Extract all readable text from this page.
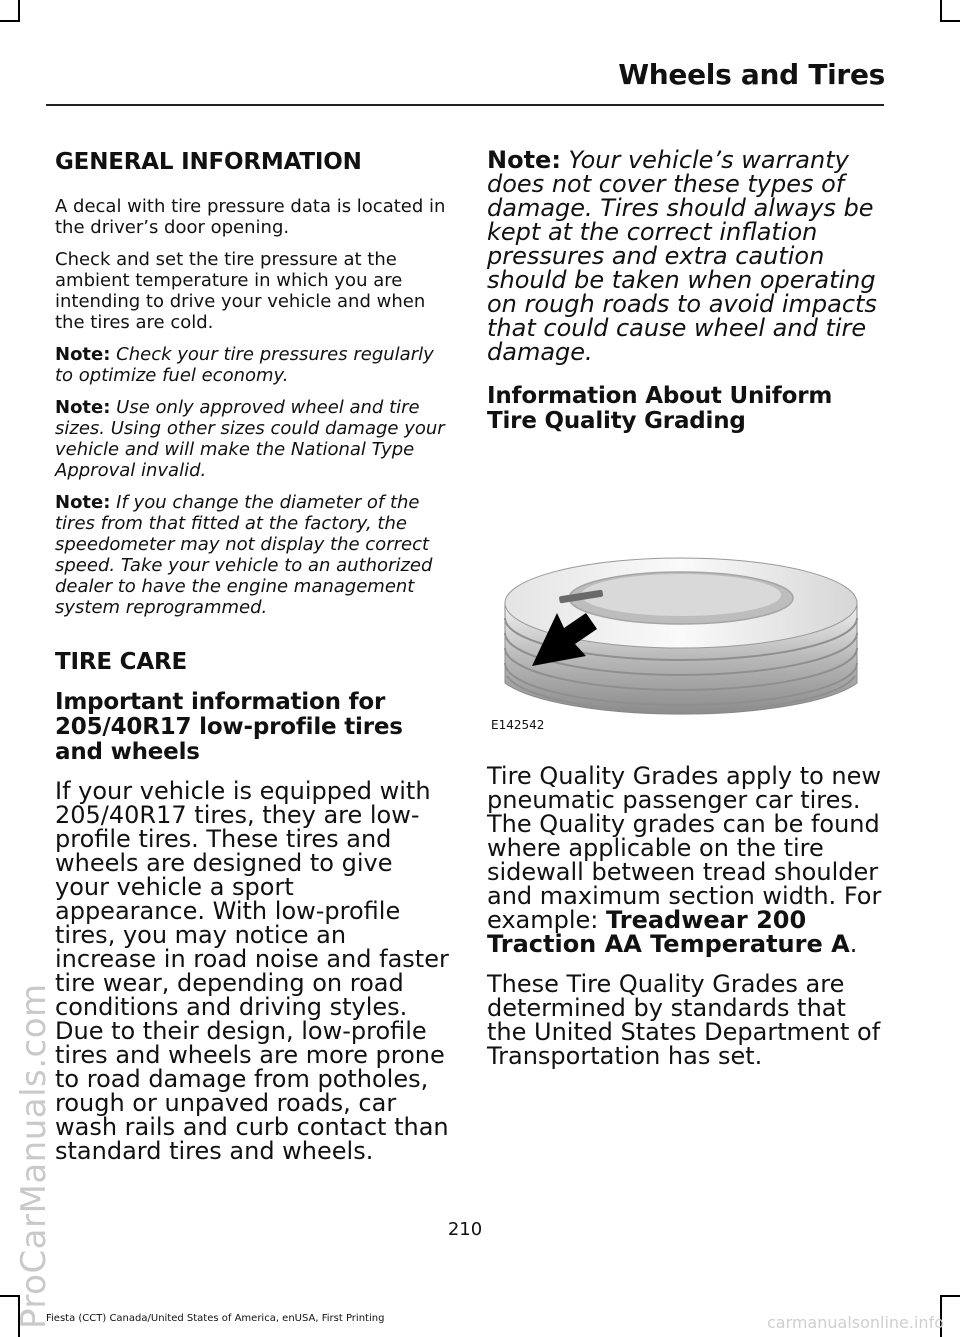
Wheels and Tires
GENERAL INFORMATION

A decal with tire pressure data is located in the driver’s door opening.

Check and set the tire pressure at the ambient temperature in which you are intending to drive your vehicle and when the tires are cold.

Note: Check your tire pressures regularly to optimize fuel economy.

Note: Use only approved wheel and tire sizes. Using other sizes could damage your vehicle and will make the National Type Approval invalid.

Note: If you change the diameter of the tires from that fitted at the factory, the speedometer may not display the correct speed. Take your vehicle to an authorized dealer to have the engine management system reprogrammed.

TIRE CARE
Important information for 205/40R17 low-profile tires and wheels

If your vehicle is equipped with 205/40R17 tires, they are low-profile tires. These tires and wheels are designed to give your vehicle a sport appearance. With low-profile tires, you may notice an increase in road noise and faster tire wear, depending on road conditions and driving styles. Due to their design, low-profile tires and wheels are more prone to road damage from potholes, rough or unpaved roads, car wash rails and curb contact than standard tires and wheels.

Note: Your vehicle’s warranty does not cover these types of damage. Tires should always be kept at the correct inflation pressures and extra caution should be taken when operating on rough roads to avoid impacts that could cause wheel and tire damage.

Information About Uniform Tire Quality Grading
E142542

Tire Quality Grades apply to new pneumatic passenger car tires. The Quality grades can be found where applicable on the tire sidewall between tread shoulder and maximum section width. For example: Treadwear 200 Traction AA Temperature A.

These Tire Quality Grades are determined by standards that the United States Department of Transportation has set.

210
Fiesta (CCT) Canada/United States of America, enUSA, First Printing
ProCarManuals.com	carmanualsonline.info
